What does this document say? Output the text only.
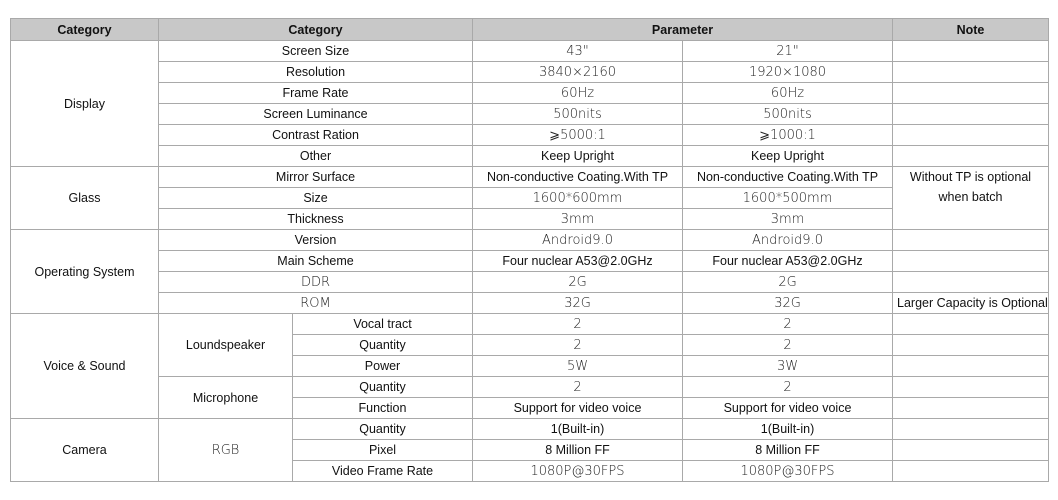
Category	Category		Parameter		Note
Display	Screen Size		43"	21"	
	Resolution		3840×2160	1920×1080	
	Frame Rate		60Hz	60Hz	
	Screen Luminance		500nits	500nits	
	Contrast Ration		⩾5000:1	⩾1000:1	
	Other		Keep Upright	Keep Upright	
Glass	Mirror Surface		Non-conductive Coating.With TP	Non-conductive Coating.With TP	Without TP is optional
when batch

	Size		1600*600mm	1600*500mm	
	Thickness		3mm	3mm	
Operating System	Version		Android9.0	Android9.0	
	Main Scheme		Four nuclear A53@2.0GHz	Four nuclear A53@2.0GHz	
	DDR		2G	2G	
	ROM		32G	32G	Larger Capacity is Optional
Voice & Sound	Loundspeaker	Vocal tract	2	2	
		Quantity	2	2	
		Power	5W	3W	
	Microphone	Quantity	2	2	
		Function	Support for video voice	Support for video voice	
Camera	RGB	Quantity	1(Built-in)	1(Built-in)	
		Pixel	8 Million FF	8 Million FF	
		Video Frame Rate	1080P@30FPS	1080P@30FPS	
